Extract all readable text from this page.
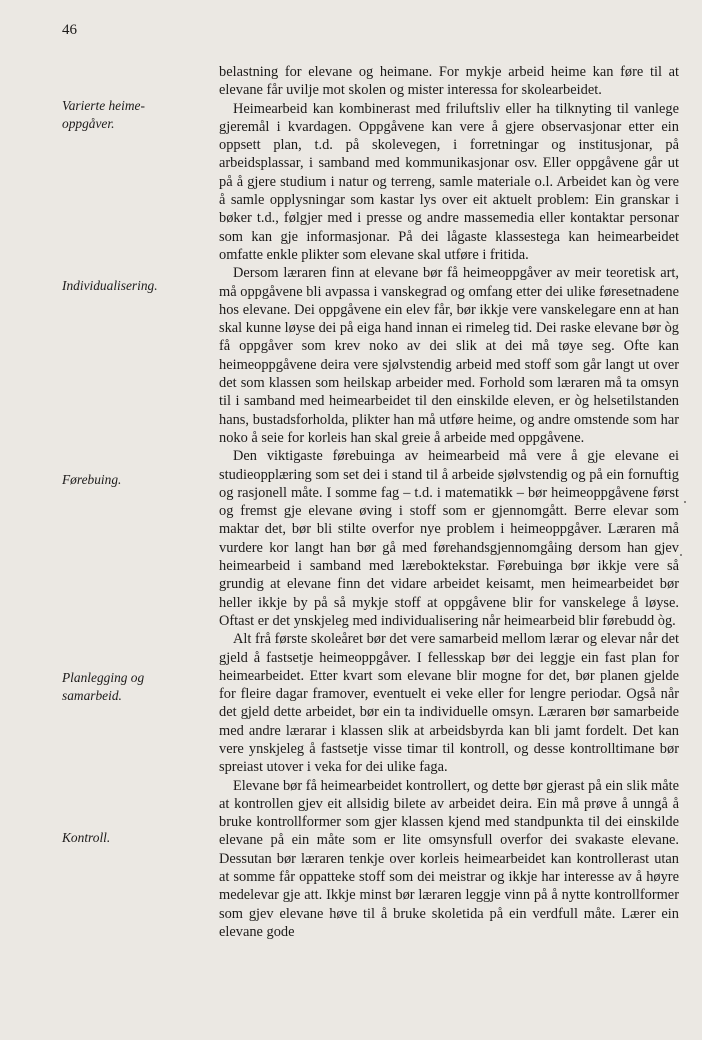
46
Varierte heime-
oppgåver.
Individualisering.
Førebuing.
Planlegging og
samarbeid.
Kontroll.

belastning for elevane og heimane. For mykje arbeid heime kan føre til at elevane får uvilje mot skolen og mister interessa for skolearbeidet.

Heimearbeid kan kombinerast med friluftsliv eller ha tilknyting til vanlege gjeremål i kvardagen. Oppgåvene kan vere å gjere observasjonar etter ein oppsett plan, t.d. på skolevegen, i forretningar og institusjonar, på arbeidsplassar, i samband med kommunikasjonar osv. Eller oppgåvene går ut på å gjere studium i natur og terreng, samle materiale o.l. Arbeidet kan òg vere å samle opplysningar som kastar lys over eit aktuelt problem: Ein granskar i bøker t.d., følgjer med i presse og andre massemedia eller kontaktar personar som kan gje informasjonar. På dei lågaste klassestega kan heimearbeidet omfatte enkle plikter som elevane skal utføre i fritida.

Dersom læraren finn at elevane bør få heimeoppgåver av meir teoretisk art, må oppgåvene bli avpassa i vanskegrad og omfang etter dei ulike føresetnadene hos elevane. Dei oppgåvene ein elev får, bør ikkje vere vanskelegare enn at han skal kunne løyse dei på eiga hand innan ei rimeleg tid. Dei raske elevane bør òg få oppgåver som krev noko av dei slik at dei må tøye seg. Ofte kan heimeoppgåvene deira vere sjølvstendig arbeid med stoff som går langt ut over det som klassen som heilskap arbeider med. Forhold som læraren må ta omsyn til i samband med heimearbeidet til den einskilde eleven, er òg helsetilstanden hans, bustadsforholda, plikter han må utføre heime, og andre omstende som har noko å seie for korleis han skal greie å arbeide med oppgåvene.

Den viktigaste førebuinga av heimearbeid må vere å gje elevane ei studieopplæring som set dei i stand til å arbeide sjølvstendig og på ein fornuftig og rasjonell måte. I somme fag – t.d. i matematikk – bør heimeoppgåvene først og fremst gje elevane øving i stoff som er gjennomgått. Berre elevar som maktar det, bør bli stilte overfor nye problem i heimeoppgåver. Læraren må vurdere kor langt han bør gå med førehandsgjennomgåing dersom han gjev heimearbeid i samband med læreboktekstar. Førebuinga bør ikkje vere så grundig at elevane finn det vidare arbeidet keisamt, men heimearbeidet bør heller ikkje by på så mykje stoff at oppgåvene blir for vanskelege å løyse. Oftast er det ynskjeleg med individualisering når heimearbeid blir førebudd òg.

Alt frå første skoleåret bør det vere samarbeid mellom lærar og elevar når det gjeld å fastsetje heimeoppgåver. I fellesskap bør dei leggje ein fast plan for heimearbeidet. Etter kvart som elevane blir mogne for det, bør planen gjelde for fleire dagar framover, eventuelt ei veke eller for lengre periodar. Også når det gjeld dette arbeidet, bør ein ta individuelle omsyn. Læraren bør samarbeide med andre lærarar i klassen slik at arbeidsbyrda kan bli jamt fordelt. Det kan vere ynskjeleg å fastsetje visse timar til kontroll, og desse kontrolltimane bør spreiast utover i veka for dei ulike faga.

Elevane bør få heimearbeidet kontrollert, og dette bør gjerast på ein slik måte at kontrollen gjev eit allsidig bilete av arbeidet deira. Ein må prøve å unngå å bruke kontrollformer som gjer klassen kjend med standpunkta til dei einskilde elevane på ein måte som er lite omsynsfull overfor dei svakaste elevane. Dessutan bør læraren tenkje over korleis heimearbeidet kan kontrollerast utan at somme får oppatteke stoff som dei meistrar og ikkje har interesse av å høyre medelevar gje att. Ikkje minst bør læraren leggje vinn på å nytte kontrollformer som gjev elevane høve til å bruke skoletida på ein verdfull måte. Lærer ein elevane gode
